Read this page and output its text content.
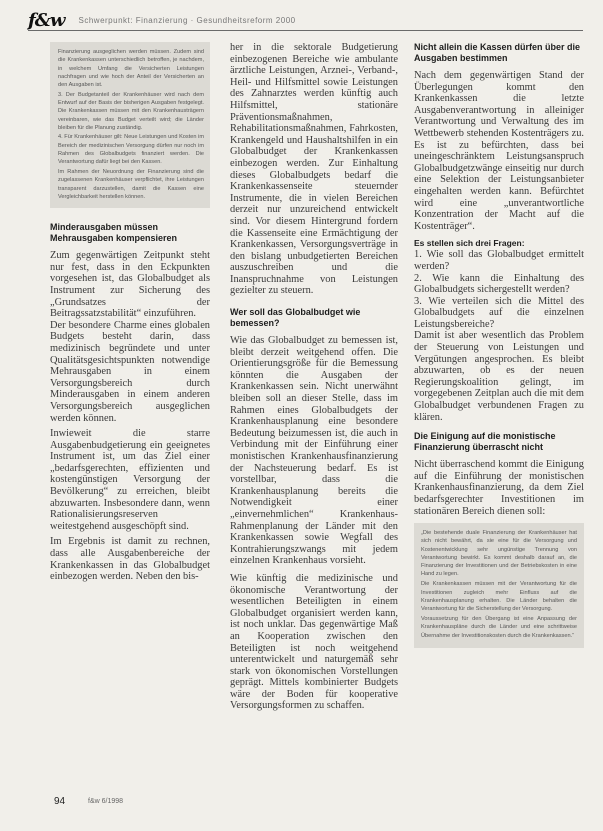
f&w Schwerpunkt: Finanzierung · Gesundheitsreform 2000

Finanzierung ausgeglichen werden müssen. Zudem sind die Krankenkassen unterschiedlich betroffen, je nachdem, in welchem Umfang die Versicherten Leistungen nachfragen und wie hoch der Anteil der Versicherten an den Ausgaben ist.

3. Der Budgetanteil der Krankenhäuser wird nach dem Entwurf auf der Basis der bisherigen Ausgaben festgelegt. Die Krankenkassen müssen mit den Krankenhausträgern vereinbaren, wie das Budget verteilt wird; die Länder bleiben für die Planung zuständig.

4. Für Krankenhäuser gilt: Neue Leistungen und Kosten im Bereich der medizinischen Versorgung dürfen nur noch im Rahmen des Globalbudgets finanziert werden. Die Verantwortung dafür liegt bei den Kassen.

Im Rahmen der Neuordnung der Finanzierung sind die zugelassenen Krankenhäuser verpflichtet, ihre Leistungen transparent darzustellen, damit die Kassen eine Vergleichbarkeit herstellen können.

Minderausgaben müssen Mehrausgaben kompensieren

Zum gegenwärtigen Zeitpunkt steht nur fest, dass in den Eckpunkten vorgesehen ist, das Globalbudget als Instrument zur Sicherung des „Grundsatzes der Beitragssatzstabilität“ einzuführen.

Der besondere Charme eines globalen Budgets besteht darin, dass medizinisch begründete und unter Qualitätsgesichtspunkten notwendige Mehrausgaben in einem Versorgungsbereich durch Minderausgaben in einem anderen Versorgungsbereich ausgeglichen werden können.

Inwieweit die starre Ausgabenbudgetierung ein geeignetes Instrument ist, um das Ziel einer „bedarfsgerechten, effizienten und kostengünstigen Versorgung der Bevölkerung“ zu erreichen, bleibt abzuwarten. Insbesondere dann, wenn Rationalisierungsreserven weitestgehend ausgeschöpft sind.

Im Ergebnis ist damit zu rechnen, dass alle Ausgabenbereiche der Krankenkassen in das Globalbudget einbezogen werden. Neben den bis-

her in die sektorale Budgetierung einbezogenen Bereiche wie ambulante ärztliche Leistungen, Arznei-, Verband-, Heil- und Hilfsmittel sowie Leistungen des Zahnarztes werden künftig auch Hilfsmittel, stationäre Präventionsmaßnahmen, Rehabilitationsmaßnahmen, Fahrkosten, Krankengeld und Haushaltshilfen in ein Globalbudget der Krankenkassen einbezogen werden. Zur Einhaltung dieses Globalbudgets bedarf die Krankenkassenseite steuernder Instrumente, die in vielen Bereichen derzeit nur unzureichend entwickelt sind. Vor diesem Hintergrund fordern die Kassenseite eine Ermächtigung der Krankenkassen, Versorgungsverträge in den bislang unbudgetierten Bereichen auszuschreiben und die Inanspruchnahme von Leistungen gezielter zu steuern.

Wer soll das Globalbudget wie bemessen?

Wie das Globalbudget zu bemessen ist, bleibt derzeit weitgehend offen. Die Orientierungsgröße für die Bemessung könnten die Ausgaben der Krankenkassen sein. Nicht unerwähnt bleiben soll an dieser Stelle, dass im Rahmen eines Globalbudgets der Krankenhausplanung eine besondere Bedeutung beizumessen ist, die auch in Verbindung mit der Einführung einer monistischen Krankenhausfinanzierung der Nachsteuerung bedarf. Es ist vorstellbar, dass die Krankenhausplanung bereits die Notwendigkeit einer „einvernehmlichen“ Krankenhaus-Rahmenplanung der Länder mit den Krankenkassen sowie Wegfall des Kontrahierungszwangs mit jedem einzelnen Krankenhaus vorsieht.

Wie künftig die medizinische und ökonomische Verantwortung der wesentlichen Beteiligten in einem Globalbudget organisiert werden kann, ist noch unklar. Das gegenwärtige Maß an Kooperation zwischen den Beteiligten ist noch weitgehend unterentwickelt und naturgemäß sehr stark von ökonomischen Vorstellungen geprägt. Mittels kombinierter Budgets wäre der Boden für kooperative Versorgungsformen zu schaffen.

Nicht allein die Kassen dürfen über die Ausgaben bestimmen

Nach dem gegenwärtigen Stand der Überlegungen kommt den Krankenkassen die letzte Ausgabenverantwortung in alleiniger Verantwortung und Verwaltung des im Wettbewerb stehenden Kostenträgers zu. Es ist zu befürchten, dass bei uneingeschränktem Leistungsanspruch Globalbudgetzwänge einseitig nur durch eine Selektion der Leistungsanbieter eingehalten werden kann. Befürchtet wird eine „unverantwortliche Konzentration der Macht auf die Kostenträger“.

Es stellen sich drei Fragen:

1. Wie soll das Globalbudget ermittelt werden?
2. Wie kann die Einhaltung des Globalbudgets sichergestellt werden?
3. Wie verteilen sich die Mittel des Globalbudgets auf die einzelnen Leistungsbereiche?

Damit ist aber wesentlich das Problem der Steuerung von Leistungen und Vergütungen angesprochen. Es bleibt abzuwarten, ob es der neuen Regierungskoalition gelingt, im vorgegebenen Zeitplan auch die mit dem Globalbudget verbundenen Fragen zu klären.

Die Einigung auf die monistische Finanzierung überrascht nicht

Nicht überraschend kommt die Einigung auf die Einführung der monistischen Krankenhausfinanzierung, da dem Ziel bedarfsgerechter Investitionen im stationären Bereich dienen soll:

„Die bestehende duale Finanzierung der Krankenhäuser hat sich nicht bewährt, da sie eine für die Versorgung und Kostenentwicklung sehr ungünstige Trennung von Verantwortung bewirkt. Es kommt deshalb darauf an, die Finanzierung der Investitionen und der Betriebskosten in eine Hand zu legen.

Die Krankenkassen müssen mit der Verantwortung für die Investitionen zugleich mehr Einfluss auf die Krankenhausplanung erhalten. Die Länder behalten die Verantwortung für die Sicherstellung der Versorgung.

Voraussetzung für den Übergang ist eine Anpassung der Krankenhauspläne durch die Länder und eine schrittweise Übernahme der Investitionskosten durch die Krankenkassen.“

94	f&w 6/1998
